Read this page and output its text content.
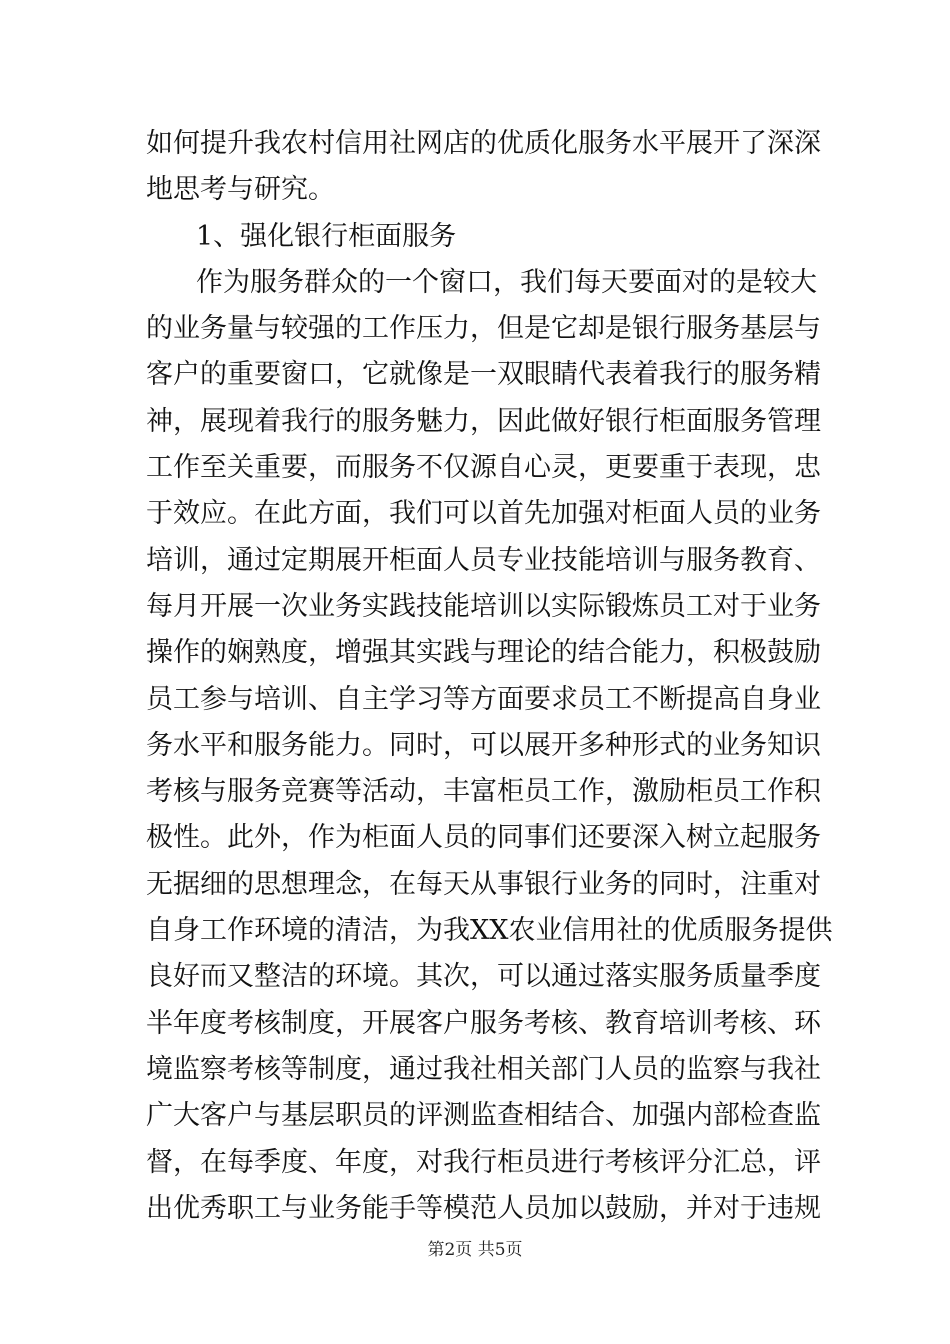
如何提升我农村信用社网店的优质化服务水平展开了深深
地思考与研究。
1、强化银行柜面服务
作为服务群众的一个窗口，我们每天要面对的是较大
的业务量与较强的工作压力，但是它却是银行服务基层与
客户的重要窗口，它就像是一双眼睛代表着我行的服务精
神，展现着我行的服务魅力，因此做好银行柜面服务管理
工作至关重要，而服务不仅源自心灵，更要重于表现，忠
于效应。在此方面，我们可以首先加强对柜面人员的业务
培训，通过定期展开柜面人员专业技能培训与服务教育、
每月开展一次业务实践技能培训以实际锻炼员工对于业务
操作的娴熟度，增强其实践与理论的结合能力，积极鼓励
员工参与培训、自主学习等方面要求员工不断提高自身业
务水平和服务能力。同时，可以展开多种形式的业务知识
考核与服务竞赛等活动，丰富柜员工作，激励柜员工作积
极性。此外，作为柜面人员的同事们还要深入树立起服务
无据细的思想理念，在每天从事银行业务的同时，注重对
自身工作环境的清洁，为我XX农业信用社的优质服务提供
良好而又整洁的环境。其次，可以通过落实服务质量季度
半年度考核制度，开展客户服务考核、教育培训考核、环
境监察考核等制度，通过我社相关部门人员的监察与我社
广大客户与基层职员的评测监查相结合、加强内部检查监
督，在每季度、年度，对我行柜员进行考核评分汇总，评
出优秀职工与业务能手等模范人员加以鼓励，并对于违规
第2页 共5页
